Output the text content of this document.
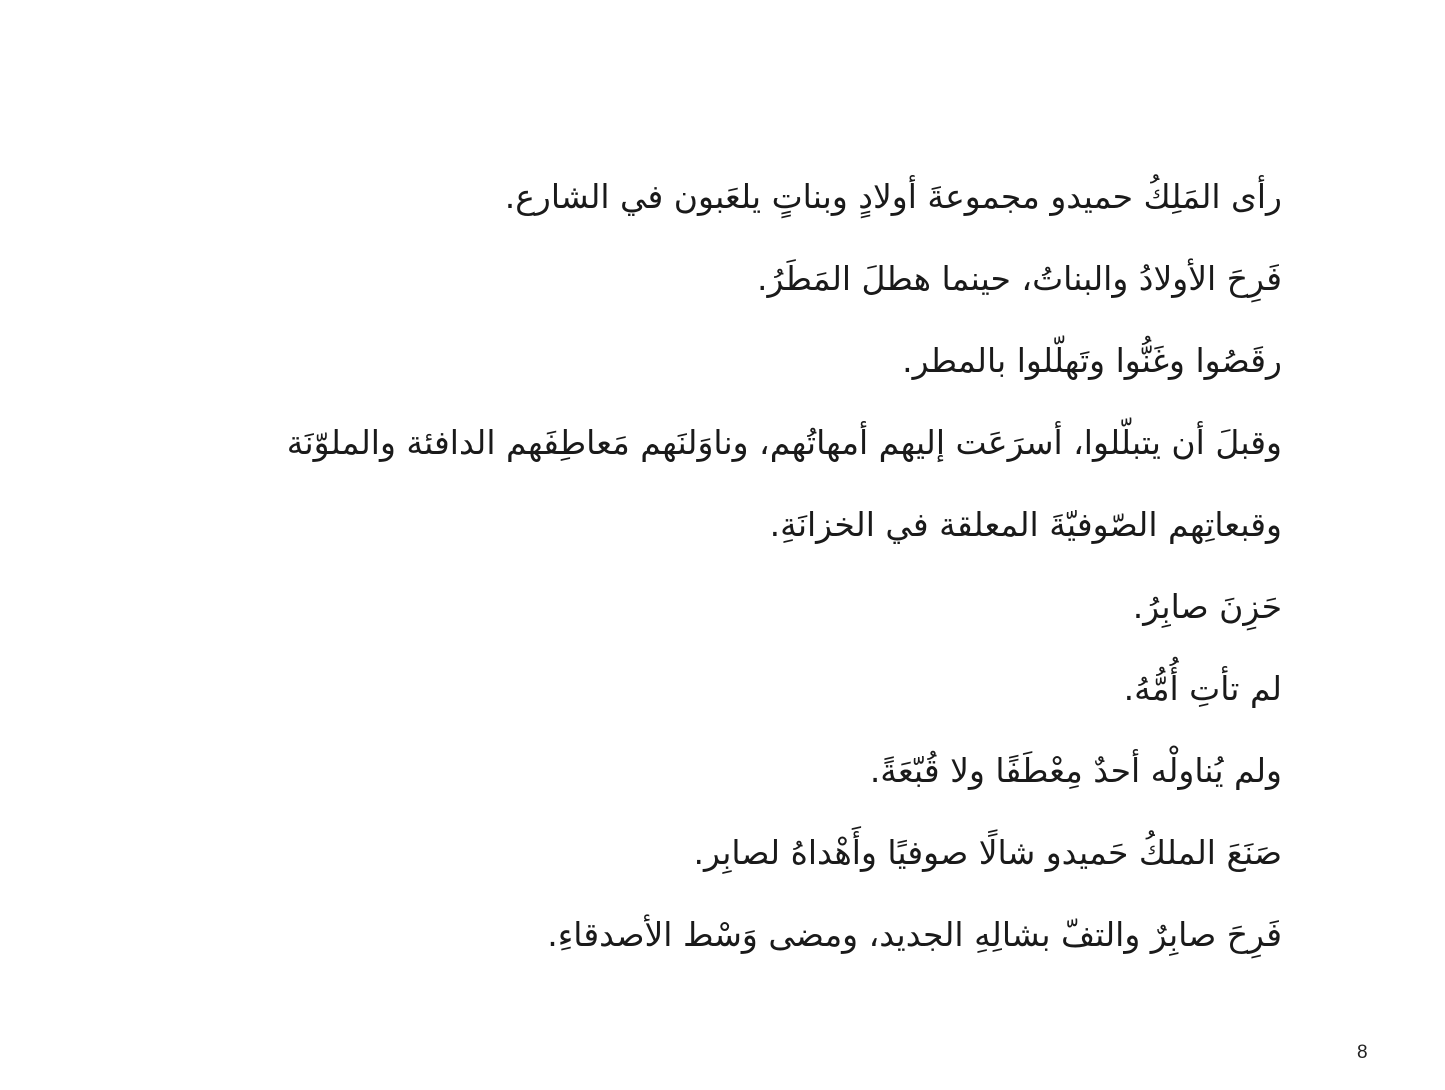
رأى المَلِكُ حميدو مجموعةَ أولادٍ وبناتٍ يلعَبون في الشارع.

فَرِحَ الأولادُ والبناتُ، حينما هطلَ المَطَرُ.

رقَصُوا وغَنُّوا وتَهلّلوا بالمطر.

وقبلَ أن يتبلّلوا، أسرَعَت إليهم أمهاتُهم، وناوَلنَهم مَعاطِفَهم الدافئة والملوّنَة

وقبعاتِهم الصّوفيّةَ المعلقة في الخزانَةِ.

حَزِنَ صابِرُ.

لم تأتِ أُمُّهُ.

ولم يُناولْه أحدٌ مِعْطَفًا ولا قُبّعَةً.

صَنَعَ الملكُ حَميدو شالًا صوفيًا وأَهْداهُ لصابِر.

فَرِحَ صابِرٌ والتفّ بشالِهِ الجديد، ومضى وَسْط الأصدقاءِ.

8
